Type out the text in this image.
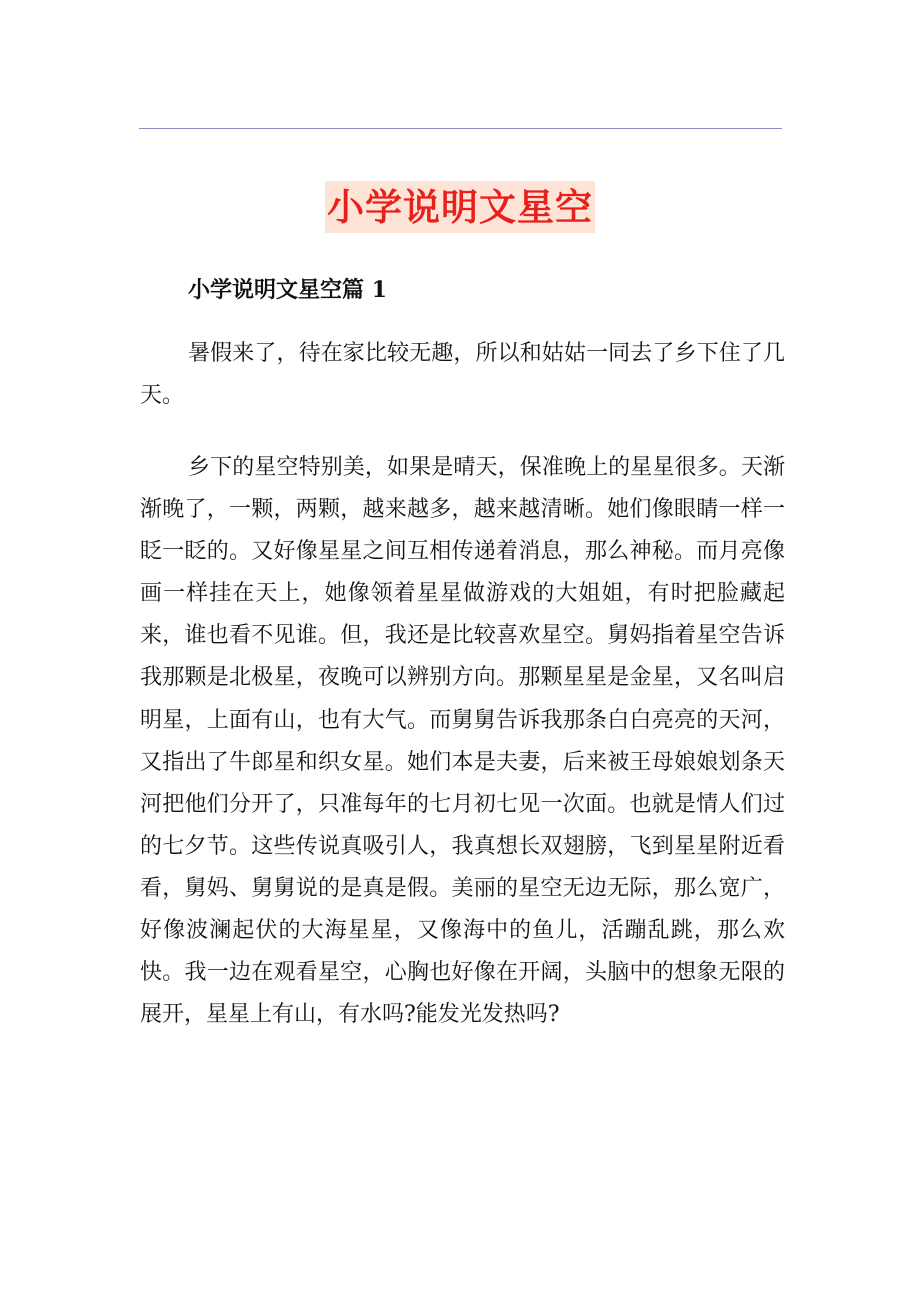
小学说明文星空
小学说明文星空篇 1

暑假来了，待在家比较无趣，所以和姑姑一同去了乡下住了几天。

乡下的星空特别美，如果是晴天，保准晚上的星星很多。天渐渐晚了，一颗，两颗，越来越多，越来越清晰。她们像眼睛一样一眨一眨的。又好像星星之间互相传递着消息，那么神秘。而月亮像画一样挂在天上，她像领着星星做游戏的大姐姐，有时把脸藏起来，谁也看不见谁。但，我还是比较喜欢星空。舅妈指着星空告诉我那颗是北极星，夜晚可以辨别方向。那颗星星是金星，又名叫启明星，上面有山，也有大气。而舅舅告诉我那条白白亮亮的天河，又指出了牛郎星和织女星。她们本是夫妻，后来被王母娘娘划条天河把他们分开了，只准每年的七月初七见一次面。也就是情人们过的七夕节。这些传说真吸引人，我真想长双翅膀，飞到星星附近看看，舅妈、舅舅说的是真是假。美丽的星空无边无际，那么宽广，好像波澜起伏的大海星星，又像海中的鱼儿，活蹦乱跳，那么欢快。我一边在观看星空，心胸也好像在开阔，头脑中的想象无限的展开，星星上有山，有水吗?能发光发热吗?
